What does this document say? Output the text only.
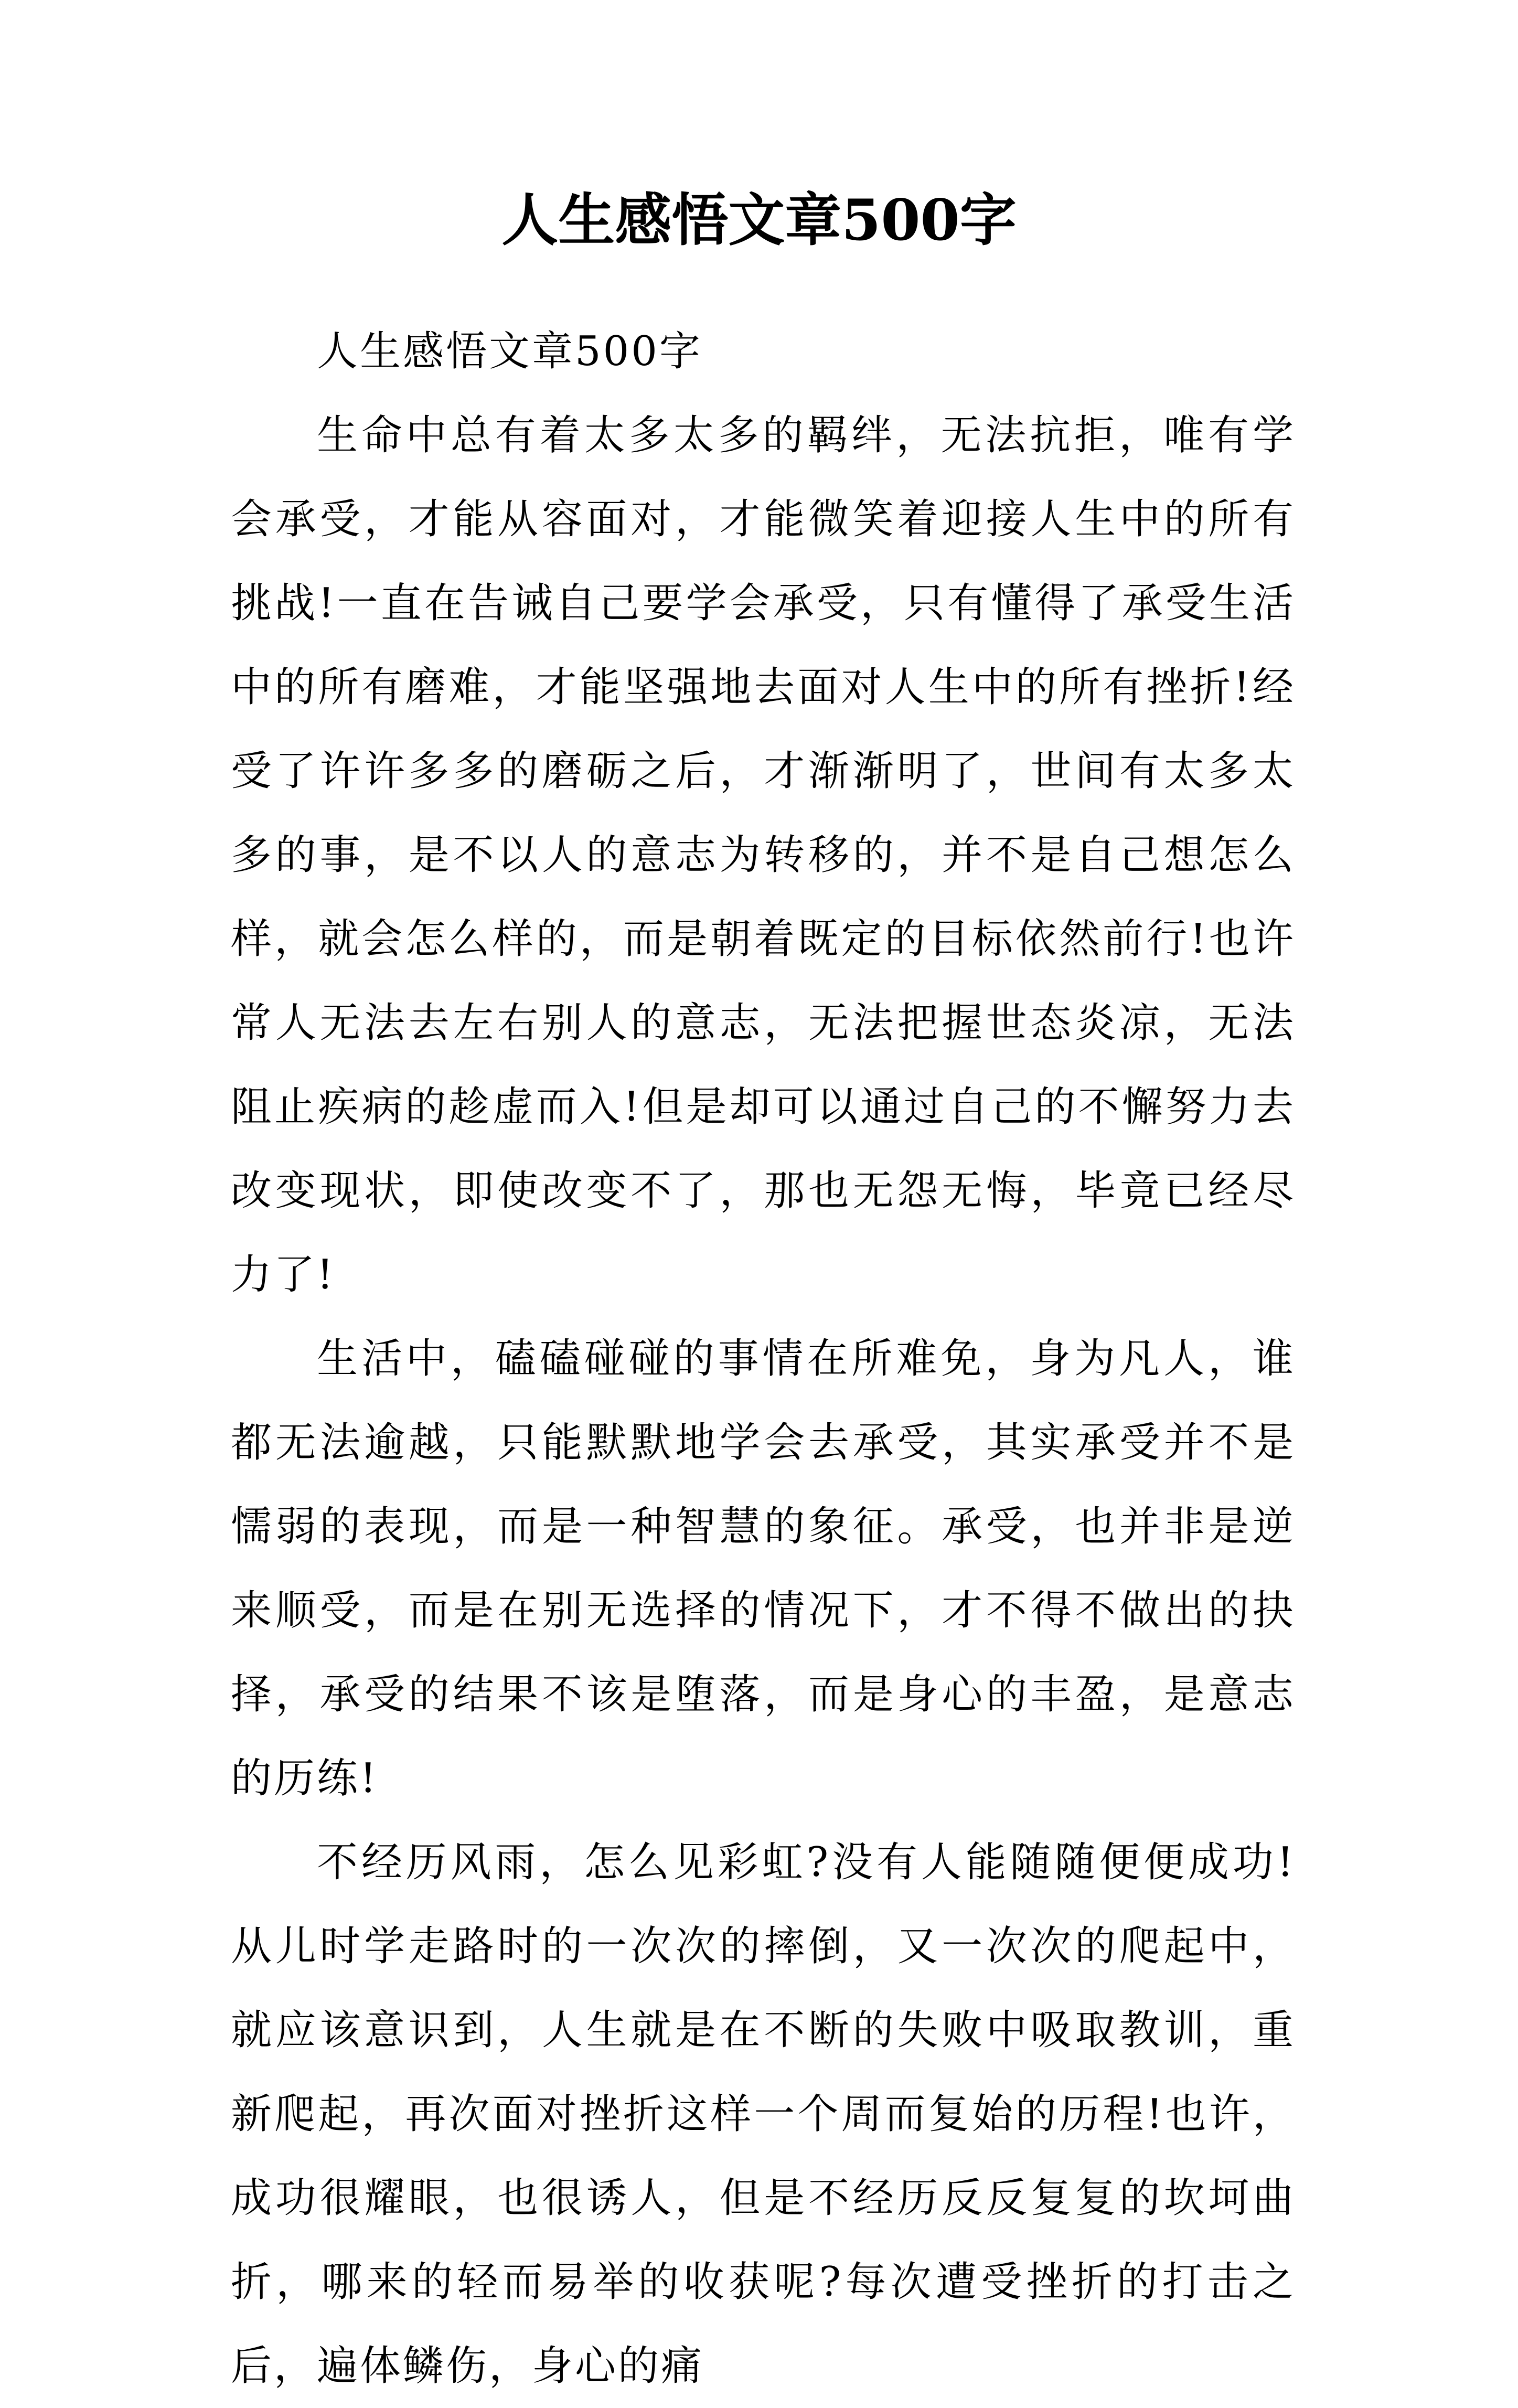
人生感悟文章500字

人生感悟文章500字

生命中总有着太多太多的羁绊，无法抗拒，唯有学会承受，才能从容面对，才能微笑着迎接人生中的所有挑战!一直在告诫自己要学会承受，只有懂得了承受生活中的所有磨难，才能坚强地去面对人生中的所有挫折!经受了许许多多的磨砺之后，才渐渐明了，世间有太多太多的事，是不以人的意志为转移的，并不是自己想怎么样，就会怎么样的，而是朝着既定的目标依然前行!也许常人无法去左右别人的意志，无法把握世态炎凉，无法阻止疾病的趁虚而入!但是却可以通过自己的不懈努力去改变现状，即使改变不了，那也无怨无悔，毕竟已经尽力了!

生活中，磕磕碰碰的事情在所难免，身为凡人，谁都无法逾越，只能默默地学会去承受，其实承受并不是懦弱的表现，而是一种智慧的象征。承受，也并非是逆来顺受，而是在别无选择的情况下，才不得不做出的抉择，承受的结果不该是堕落，而是身心的丰盈，是意志的历练!

不经历风雨，怎么见彩虹?没有人能随随便便成功!从儿时学走路时的一次次的摔倒，又一次次的爬起中，就应该意识到，人生就是在不断的失败中吸取教训，重新爬起，再次面对挫折这样一个周而复始的历程!也许，成功很耀眼，也很诱人，但是不经历反反复复的坎坷曲折，哪来的轻而易举的收获呢?每次遭受挫折的打击之后，遍体鳞伤，身心的痛
